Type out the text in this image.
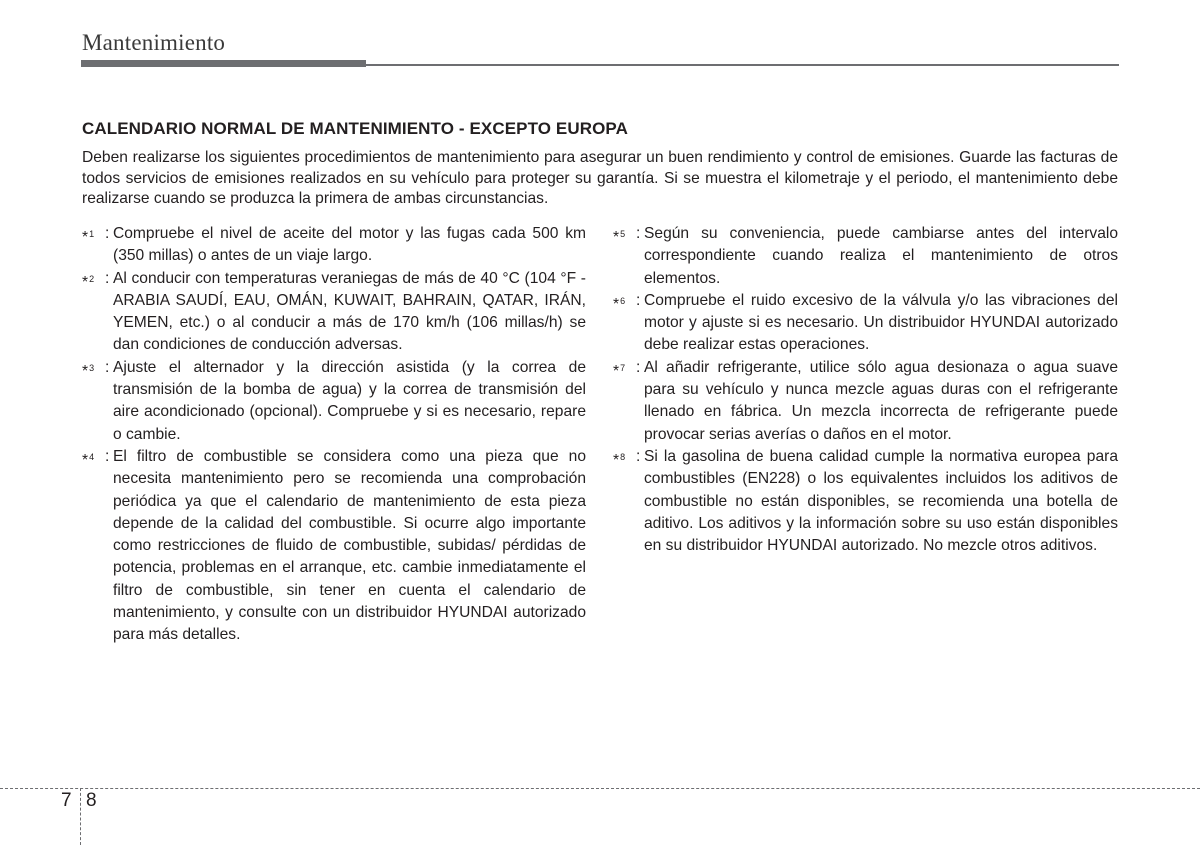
Mantenimiento
CALENDARIO NORMAL DE MANTENIMIENTO - EXCEPTO EUROPA
Deben realizarse los siguientes procedimientos de mantenimiento para asegurar un buen rendimiento y control de emisiones. Guarde las facturas de todos servicios de emisiones realizados en su vehículo para proteger su garantía. Si se muestra el kilometraje y el periodo, el mantenimiento debe realizarse cuando se produzca la primera de ambas circunstancias.
*$^1$ : Compruebe el nivel de aceite del motor y las fugas cada 500 km (350 millas) o antes de un viaje largo.
*$^2$ : Al conducir con temperaturas veraniegas de más de 40 °C (104 °F - ARABIA SAUDÍ, EAU, OMÁN, KUWAIT, BAHRAIN, QATAR, IRÁN, YEMEN, etc.) o al conducir a más de 170 km/h (106 millas/h) se dan condiciones de conducción adversas.
*$^3$ : Ajuste el alternador y la dirección asistida (y la correa de transmisión de la bomba de agua) y la correa de transmisión del aire acondicionado (opcional). Compruebe y si es necesario, repare o cambie.
*$^4$ : El filtro de combustible se considera como una pieza que no necesita mantenimiento pero se recomienda una comprobación periódica ya que el calendario de mantenimiento de esta pieza depende de la calidad del combustible. Si ocurre algo importante como restricciones de fluido de combustible, subidas/ pérdidas de potencia, problemas en el arranque, etc. cambie inmediatamente el filtro de combustible, sin tener en cuenta el calendario de mantenimiento, y consulte con un distribuidor HYUNDAI autorizado para más detalles.
*$^5$ : Según su conveniencia, puede cambiarse antes del intervalo correspondiente cuando realiza el mantenimiento de otros elementos.
*$^6$ : Compruebe el ruido excesivo de la válvula y/o las vibraciones del motor y ajuste si es necesario. Un distribuidor HYUNDAI autorizado debe realizar estas operaciones.
*$^7$ : Al añadir refrigerante, utilice sólo agua desionaza o agua suave para su vehículo y nunca mezcle aguas duras con el refrigerante llenado en fábrica. Un mezcla incorrecta de refrigerante puede provocar serias averías o daños en el motor.
*$^8$ : Si la gasolina de buena calidad cumple la normativa europea para combustibles (EN228) o los equivalentes incluidos los aditivos de combustible no están disponibles, se recomienda una botella de aditivo. Los aditivos y la información sobre su uso están disponibles en su distribuidor HYUNDAI autorizado. No mezcle otros aditivos.
7 8
